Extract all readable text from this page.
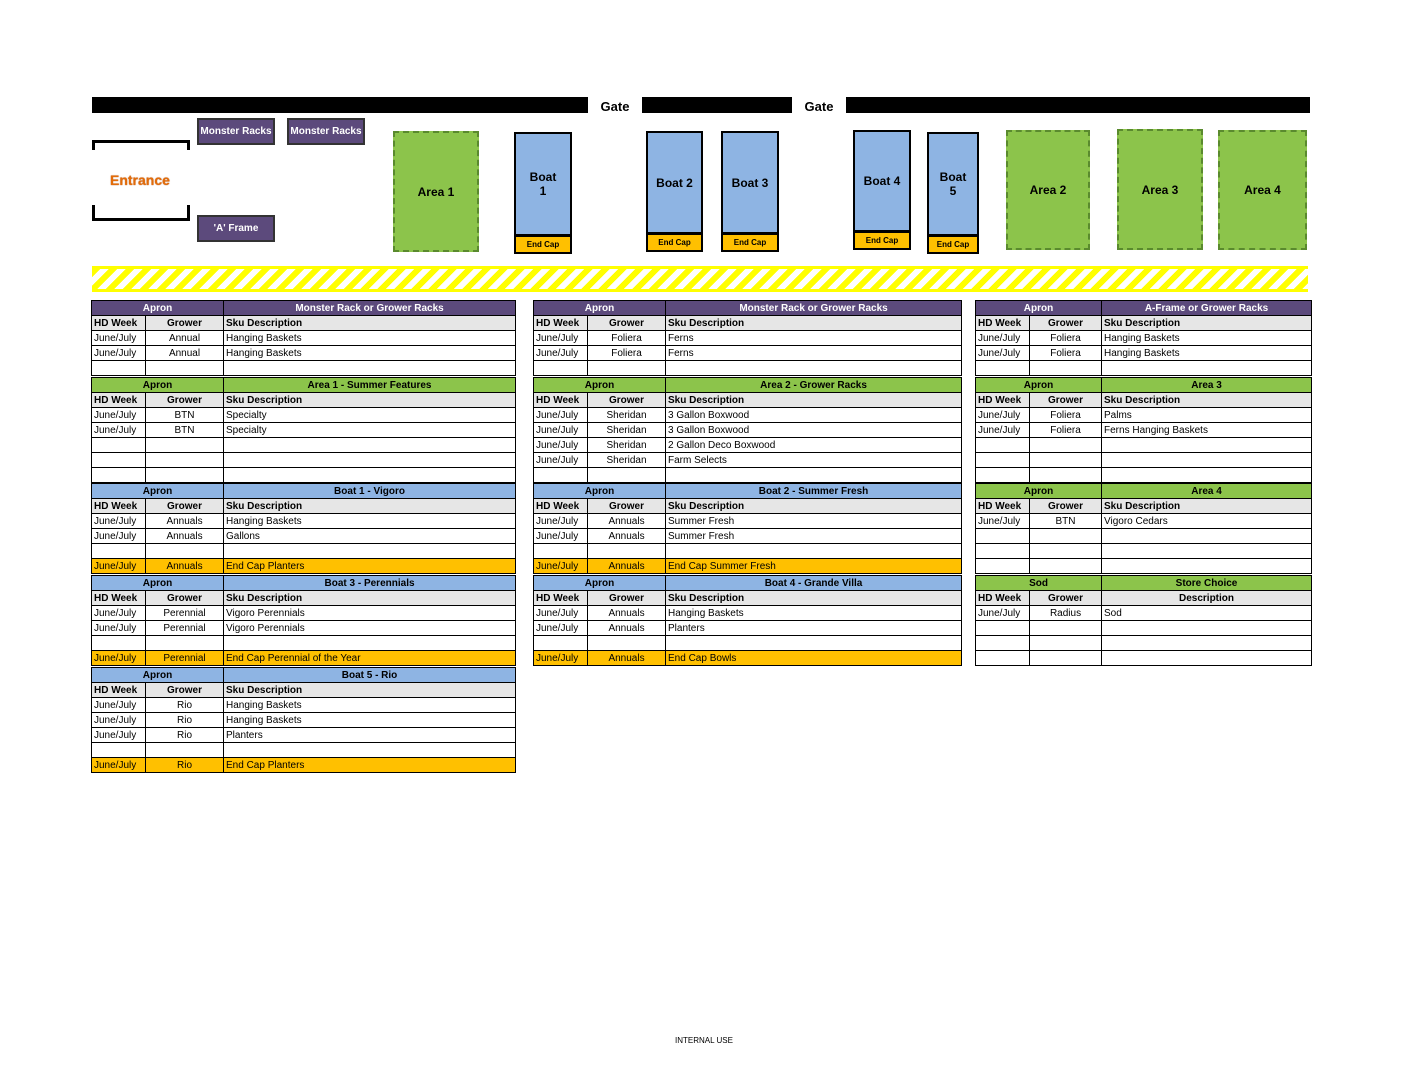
Gate	Gate
Monster Racks	Monster Racks
'A' Frame
Entrance
Area 1	Area 2	Area 3	Area 4
Boat 1
End Cap
Boat 2
End Cap
Boat 3
End Cap
Boat 4
End Cap
Boat 5
End Cap
Apron		Monster Rack or Grower Racks
HD Week	Grower	Sku Description
June/July	Annual	Hanging Baskets
June/July	Annual	Hanging Baskets

Apron		Monster Rack or Grower Racks
HD Week	Grower	Sku Description
June/July	Foliera	Ferns
June/July	Foliera	Ferns

Apron		A-Frame or Grower Racks
HD Week	Grower	Sku Description
June/July	Foliera	Hanging Baskets
June/July	Foliera	Hanging Baskets

Apron		Area 1 - Summer Features
HD Week	Grower	Sku Description
June/July	BTN	Specialty
June/July	BTN	Specialty

Apron		Area 2 - Grower Racks
HD Week	Grower	Sku Description
June/July	Sheridan	3 Gallon Boxwood
June/July	Sheridan	3 Gallon Boxwood
June/July	Sheridan	2 Gallon Deco Boxwood
June/July	Sheridan	Farm Selects

Apron		Area 3
HD Week	Grower	Sku Description
June/July	Foliera	Palms
June/July	Foliera	Ferns Hanging Baskets

Apron		Boat 1 - Vigoro
HD Week	Grower	Sku Description
June/July	Annuals	Hanging Baskets
June/July	Annuals	Gallons

June/July	Annuals	End Cap Planters
Apron		Boat 2 - Summer Fresh
HD Week	Grower	Sku Description
June/July	Annuals	Summer Fresh
June/July	Annuals	Summer Fresh

June/July	Annuals	End Cap Summer Fresh
Apron		Area 4
HD Week	Grower	Sku Description
June/July	BTN	Vigoro Cedars

Apron		Boat 3 - Perennials
HD Week	Grower	Sku Description
June/July	Perennial	Vigoro Perennials
June/July	Perennial	Vigoro Perennials

June/July	Perennial	End Cap Perennial of the Year
Apron		Boat 4 - Grande Villa
HD Week	Grower	Sku Description
June/July	Annuals	Hanging Baskets
June/July	Annuals	Planters

June/July	Annuals	End Cap Bowls
Sod		Store Choice
HD Week	Grower	Description
June/July	Radius	Sod

Apron		Boat 5 - Rio
HD Week	Grower	Sku Description
June/July	Rio	Hanging Baskets
June/July	Rio	Hanging Baskets
June/July	Rio	Planters

June/July	Rio	End Cap Planters
INTERNAL USE
